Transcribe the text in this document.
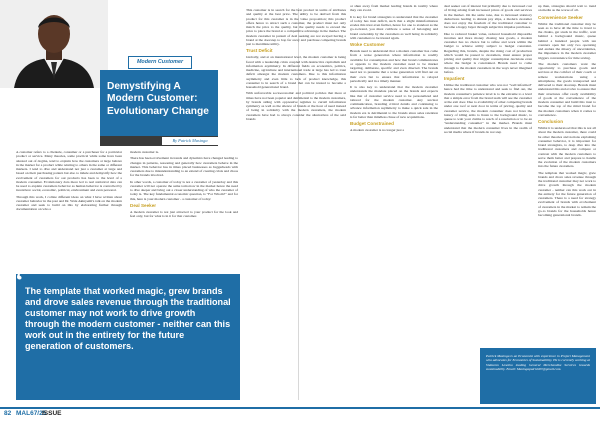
Modern Customer
Demystifying A Modern Customer: Evolutionary Change
By Patrick Masinga

A customer refers to a clientele, consumer or a purchaser for a particular product or service. Many theories, some practical while some have been attested out of dogma, tend to explain how the customers at large behave in the market for a product while relating to others in the same or different markets. I tend to dive and understand not just a customer at large and based on their purchasing pattern but also to inhale and demystify how the evolvement of customers for our products has been to the level of a modern consumer. Evolutionary data more led to real statistical data can be used to explain customers behavior as human behavior is controlled by incentives: social, economic, political, environment and even personal.

Through this work, I collate different ideas on what I have written about customer behavior in the past and Dr. Wale Akinyemi's talk on the modern customer and seek to build on this by elaborating further through documentation on who a

modern customer is.

There has been evolvement in trends and dynamics have changed leading to changes in patterns, reasoning and generally how customers behave in the market. This behavior has in times placed businesses as Juggerheads with customers due to misunderstanding to an extend of creating crisis and chaos for the brands involved.

In other words, a customer of today is not a customer of yesterday and this customer will not operate the same tomorrow in the market hence the need to dive deeper and bring out a closer understanding of who the customer of today is. The key fundamental economic question, is "For Whom?" and for this, here is your modern customer - a customer of today:

Deal Seeker

A modern customer is not just attracted to your product for the look and feel only, but for what is in it for that customer.

This customer is in search for the best product in terms of attributes and quality at the best price. The utility to be derived from this product for this customer is in the value proposition; this product offers hence to attract such a customer, the product must not only match the price to the quality, but the quality needs to exceed the price to place the brand at a competitive advantage in the market. The modern customer in pursuit of deal seeking are not swayed having a brand at the doorstep to bop far away and purchase competing brands just to maximize utility.

Trust Deficit

Globally, and at an international level, the modern customer is being faced with a leadership crisis coupled with destructive capitalism and information asymmetry. In different fields on economics, politics, medicine, agriculture and international trade at large has led to trust deficit amongst the modern customers. Due to this information asymmetry and even little to lack of product knowledge, this consumer is in search of a brand that can be trusted to become a household generational brand.

With unfavorable socioeconomic and political policies that more at times have not been popular and detrimental to the modern customers, by brands siding with oppressive regimes to curtail information symmetry as well as the silence of brands at the hour of need instead of being in solidarity with the modern customers, the modern customers have had to always consider the alternatives of the said brands

or shun away from market leading brands in totality where they can avoid.

It is key for brand strategists to understand that the customer of today has trust deficit, such that a slight misinformation erodes this trust even further, hence for one to standout as the go-to-brand, you must cultivate a sense of belonging and brand ownership by the customers as well being in solidarity with customers to be trusted again.

Woke Customer

Brands need to understand that a modern customer has come from a woke generation where information is readily available for consumption and how that brand communicates or appeals to the modern customer need to be market targeting, deliberate, specific and even directed. The brands need not to presume that a woke generation will find out on their own but to ensure that information is relayed periodically and in a timely manner.

It is also key to understand that the modern customer understands the mandate placed on the brands and expects like that of customer service need to be personalized and tailored for the modern customer. Any unclear communication, branding critical details and continuing to advance information asymmetry to make a quick sale in the modern era is detrimental to the brands since sales retention is far better than mindless chase of new acquisitions.

Budget Constrained

A modern customer is no longer just a

deal seeker out of interest but primarily due to increased cost of living arising from increased prices of goods and services in the market. On the same tone, due to increased statutory deductions leading to shrunk pay slips, a modern customer does not enjoy the freedom of the traditional customer to become a happy buyer through subjective impulse purchases.

Due to reduced basket value, reduced household disposable incomes and more money chasing less goods, a modern customer has no choice but to refine and work within the budget to achieve utility subject to budget constraint. Regarding this, brands, despite the rising cost of production which would be passed to customers, must ensure proper pricing and quality that trigger consumption decisions even where the budget is constrained. Brands need to come through to the modern customers in the ways never imagined before.

Impatient

Unlike the traditional customer who was not "well informed" hence had the time to understand and seek to find out, the modern consumer's patience level is to the extreme to a level that a simple error from the brand team will see the customer at the exit door. Due to availability of other competing brands under one roof or next door in terms of pricing, quality and customer service, the modern consumer does not have the luxury of idling arms to listen to the background music, to queue to wait your claims to reach of a resolution or to be an "understanding consumer" in the market. Brands must understand that the modern consumer lives in the realm of social media where if brands do not step

Patrick Masinga is an Economist with experience in Project Management who advocates for Economics of Sustainability. He is currently working at Vodacom Lesotho leading General Merchandise Services towards sustainability. Email: Masingapatrick87@gmail.com.
The template that worked magic, grew brands and drove sales revenue through the traditional customer may not work to drive growth through the modern customer - neither can this work out in the entirety for the future generation of customers.
“
82 MAL67/25
ISSUE

up then, strategies should wait to trend on media as the worse of all.

Convenience Seeker

Whilst the traditional customer may be seen as to have all the time to travel to the chains, get stuck in the traffic, wait behind a background music, queue behind a hundred people with ten counters open but only two operating and endure the misery of uncertainties, the impatience in the modern customer triggers convenience for time saving.

The modern customers want the opportunity to purchase goods and services at the comfort of their couch or remote workstations using a smartphone, the goods transported and delivered to their doorstep. Brands must understand this and evolve to ensure that their structures offer ready availability of goods at the convenience of the modern consumer and build this trust to become the top of the mind brand for the modern customers when it comes to convenience.

Conclusion

Whilst it is understood that this is not all about the modern customer, there could be other theories and notions explaining consumer behavior, it is important for brand strategists, to deep dive into the traditional customers and compare or contrast with the modern customers to serve them better and prepare to handle the evolution of the modern customers into the future customers.

The template that worked magic, grew brands and drove sales revenue through the traditional customer may not work to drive growth through the modern customer - neither can this work out in the entirety for the future generation of customers. There is a need for strategy evolvement of brands with evolvement of customers in the market to remain the go-to brands for the households hence becoming generational brands.
